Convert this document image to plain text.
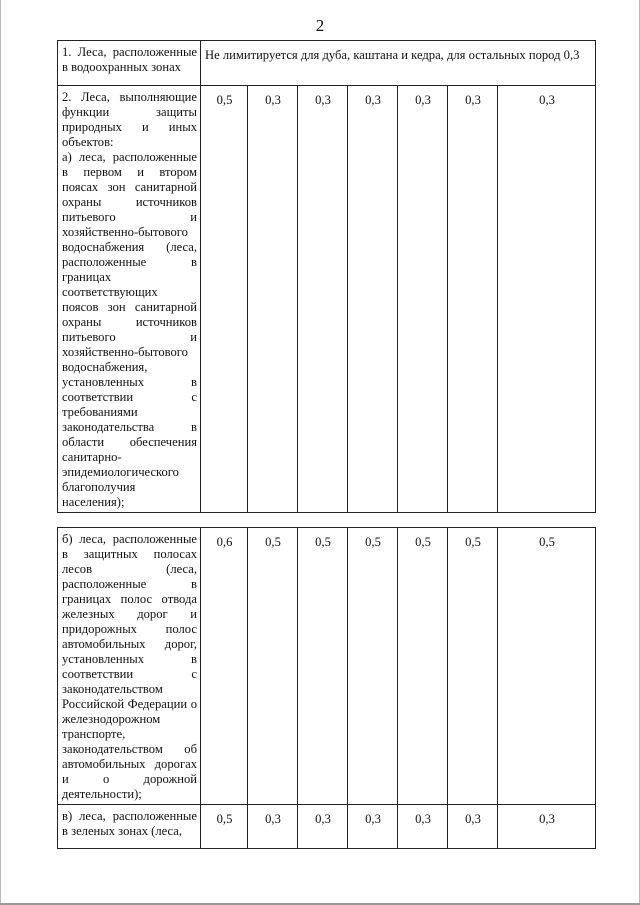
2
1. Леса, расположенные в водоохранных зонах	Не лимитируется для дуба, каштана и кедра, для остальных пород 0,3						
2. Леса, выполняющие функции защиты природных и иных объектов:
а) леса, расположенные в первом и втором поясах зон санитарной охраны источников питьевого и хозяйственно-бытового водоснабжения (леса, расположенные в границах соответствующих поясов зон санитарной охраны источников питьевого и хозяйственно-бытового водоснабжения, установленных в соответствии с требованиями законодательства в области обеспечения санитарно-эпидемиологического благополучия населения);	0,5	0,3	0,3	0,3	0,3	0,3	0,3
б) леса, расположенные в защитных полосах лесов (леса, расположенные в границах полос отвода железных дорог и придорожных полос автомобильных дорог, установленных в соответствии с законодательством Российской Федерации о железнодорожном транспорте, законодательством об автомобильных дорогах и о дорожной деятельности);	0,6	0,5	0,5	0,5	0,5	0,5	0,5
в) леса, расположенные в зеленых зонах (леса,	0,5	0,3	0,3	0,3	0,3	0,3	0,3
